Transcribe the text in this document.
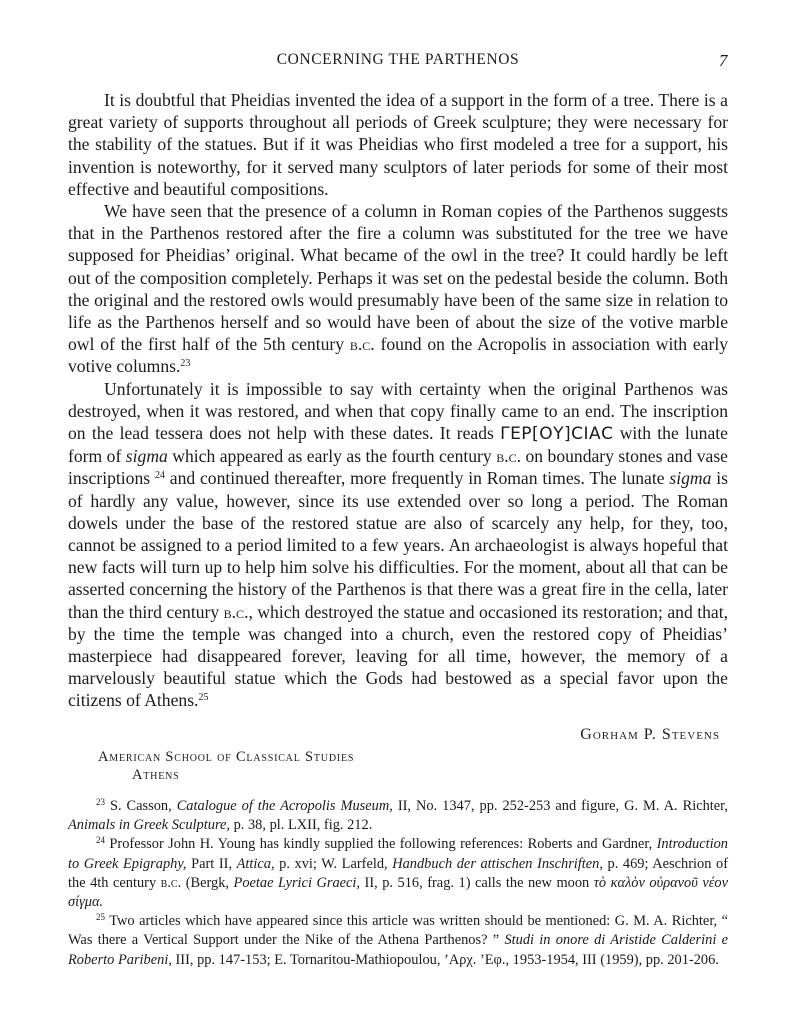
CONCERNING THE PARTHENOS	7

It is doubtful that Pheidias invented the idea of a support in the form of a tree. There is a great variety of supports throughout all periods of Greek sculpture; they were necessary for the stability of the statues. But if it was Pheidias who first modeled a tree for a support, his invention is noteworthy, for it served many sculptors of later periods for some of their most effective and beautiful compositions.

We have seen that the presence of a column in Roman copies of the Parthenos suggests that in the Parthenos restored after the fire a column was substituted for the tree we have supposed for Pheidias’ original. What became of the owl in the tree? It could hardly be left out of the composition completely. Perhaps it was set on the pedestal beside the column. Both the original and the restored owls would presumably have been of the same size in relation to life as the Parthenos herself and so would have been of about the size of the votive marble owl of the first half of the 5th century b.c. found on the Acropolis in association with early votive columns.$^{23}$

Unfortunately it is impossible to say with certainty when the original Parthenos was destroyed, when it was restored, and when that copy finally came to an end. The inscription on the lead tessera does not help with these dates. It reads ΓΕΡ[ΟΥ]CΙΑC with the lunate form of sigma which appeared as early as the fourth century b.c. on boundary stones and vase inscriptions $^{24}$ and continued thereafter, more frequently in Roman times. The lunate sigma is of hardly any value, however, since its use extended over so long a period. The Roman dowels under the base of the restored statue are also of scarcely any help, for they, too, cannot be assigned to a period limited to a few years. An archaeologist is always hopeful that new facts will turn up to help him solve his difficulties. For the moment, about all that can be asserted concerning the history of the Parthenos is that there was a great fire in the cella, later than the third century b.c., which destroyed the statue and occasioned its restoration; and that, by the time the temple was changed into a church, even the restored copy of Pheidias’ masterpiece had disappeared forever, leaving for all time, however, the memory of a marvelously beautiful statue which the Gods had bestowed as a special favor upon the citizens of Athens.$^{25}$

Gorham P. Stevens
American School of Classical Studies
Athens

$^{23}$ S. Casson, Catalogue of the Acropolis Museum, II, No. 1347, pp. 252-253 and figure, G. M. A. Richter, Animals in Greek Sculpture, p. 38, pl. LXII, fig. 212.

$^{24}$ Professor John H. Young has kindly supplied the following references: Roberts and Gardner, Introduction to Greek Epigraphy, Part II, Attica, p. xvi; W. Larfeld, Handbuch der attischen Inschriften, p. 469; Aeschrion of the 4th century b.c. (Bergk, Poetae Lyrici Graeci, II, p. 516, frag. 1) calls the new moon τὸ καλὸν οὐρανοῦ νέον σίγμα.

$^{25}$ Two articles which have appeared since this article was written should be mentioned: G. M. A. Richter, “ Was there a Vertical Support under the Nike of the Athena Parthenos? ” Studi in onore di Aristide Calderini e Roberto Paribeni, III, pp. 147-153; E. Tornaritou-Mathiopoulou, ’Αρχ. ’Εφ., 1953-1954, III (1959), pp. 201-206.
